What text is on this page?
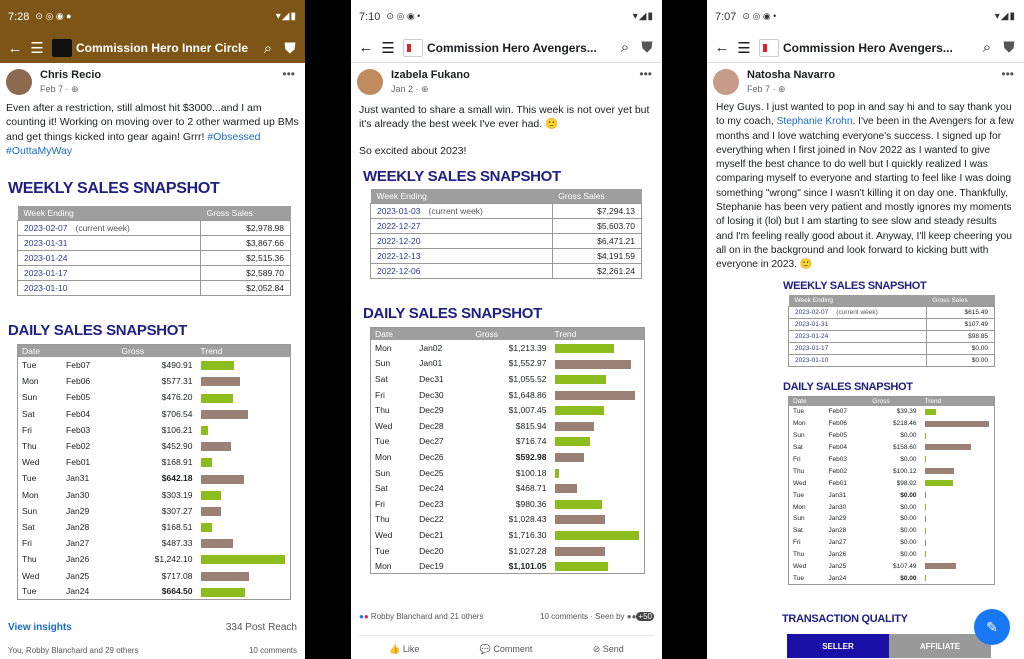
7:28 ⊙ ◎ ◉ ●	▾◢▮
← ☰	Commission Hero Inner Circle	⌕ ⛊
Chris Recio
Feb 7 · ⊕
•••
Even after a restriction, still almost hit $3000...and I am counting it! Working on moving over to 2 other warmed up BMs and get things kicked into gear again! Grrr! #Obsessed #OuttaMyWay
WEEKLY SALES SNAPSHOT
Week Ending	Gross Sales
2023-02-07 (current week)	$2,978.98
2023-01-31	$3,867.66
2023-01-24	$2,515.36
2023-01-17	$2,589.70
2023-01-10	$2,052.84
DAILY SALES SNAPSHOT
Date		Gross	Trend
Tue	Feb07	$490.91	
Mon	Feb06	$577.31	
Sun	Feb05	$476.20	
Sat	Feb04	$706.54	
Fri	Feb03	$106.21	
Thu	Feb02	$452.90	
Wed	Feb01	$168.91	
Tue	Jan31	$642.18	
Mon	Jan30	$303.19	
Sun	Jan29	$307.27	
Sat	Jan28	$168.51	
Fri	Jan27	$487.33	
Thu	Jan26	$1,242.10	
Wed	Jan25	$717.08	
Tue	Jan24	$664.50	
View insights	334 Post Reach
You, Robby Blanchard and 29 others	10 comments
7:10 ⊙ ◎ ◉ •	▾◢▮
← ☰	Commission Hero Avengers...	⌕ ⛊
Izabela Fukano
Jan 2 · ⊕
•••
Just wanted to share a small win. This week is not over yet but it's already the best week I've ever had. 🙂
So excited about 2023!
WEEKLY SALES SNAPSHOT
Week Ending	Gross Sales
2023-01-03 (current week)	$7,294.13
2022-12-27	$5,603.70
2022-12-20	$6,471.21
2022-12-13	$4,191.59
2022-12-06	$2,261.24
DAILY SALES SNAPSHOT
Date		Gross	Trend
Mon	Jan02	$1,213.39	
Sun	Jan01	$1,552.97	
Sat	Dec31	$1,055.52	
Fri	Dec30	$1,648.86	
Thu	Dec29	$1,007.45	
Wed	Dec28	$815.94	
Tue	Dec27	$716.74	
Mon	Dec26	$592.98	
Sun	Dec25	$100.18	
Sat	Dec24	$468.71	
Fri	Dec23	$980.36	
Thu	Dec22	$1,028.43	
Wed	Dec21	$1,716.30	
Tue	Dec20	$1,027.28	
Mon	Dec19	$1,101.05	
●● Robby Blanchard and 21 others	10 comments · Seen by ●● +50
👍 Like	💬 Comment	⊘ Send
7:07 ⊙ ◎ ◉ •	▾◢▮
← ☰	Commission Hero Avengers...	⌕ ⛊
Natosha Navarro
Feb 7 · ⊕
•••
Hey Guys. I just wanted to pop in and say hi and to say thank you to my coach, Stephanie Krohn. I've been in the Avengers for a few months and I love watching everyone's success. I signed up for everything when I first joined in Nov 2022 as I wanted to give myself the best chance to do well but I quickly realized I was comparing myself to everyone and starting to feel like I was doing something "wrong" since I wasn't killing it on day one. Thankfully, Stephanie has been very patient and mostly ignores my moments of losing it (lol) but I am starting to see slow and steady results and I'm feeling really good about it. Anyway, I'll keep cheering you all on in the background and look forward to kicking butt with everyone in 2023. 🙂
WEEKLY SALES SNAPSHOT
Week Ending	Gross Sales
2023-02-07 (current week)	$615.49
2023-01-31	$107.49
2023-01-24	$98.85
2023-01-17	$0.00
2023-01-10	$0.00
DAILY SALES SNAPSHOT
Date		Gross	Trend
Tue	Feb07	$39.39	
Mon	Feb06	$218.46	
Sun	Feb05	$0.00	
Sat	Feb04	$158.60	
Fri	Feb03	$0.00	
Thu	Feb02	$100.12	
Wed	Feb01	$98.92	
Tue	Jan31	$0.00	
Mon	Jan30	$0.00	
Sun	Jan29	$0.00	
Sat	Jan28	$0.00	
Fri	Jan27	$0.00	
Thu	Jan26	$0.00	
Wed	Jan25	$107.49	
Tue	Jan24	$0.00	
TRANSACTION QUALITY
SELLER	AFFILIATE
✎
